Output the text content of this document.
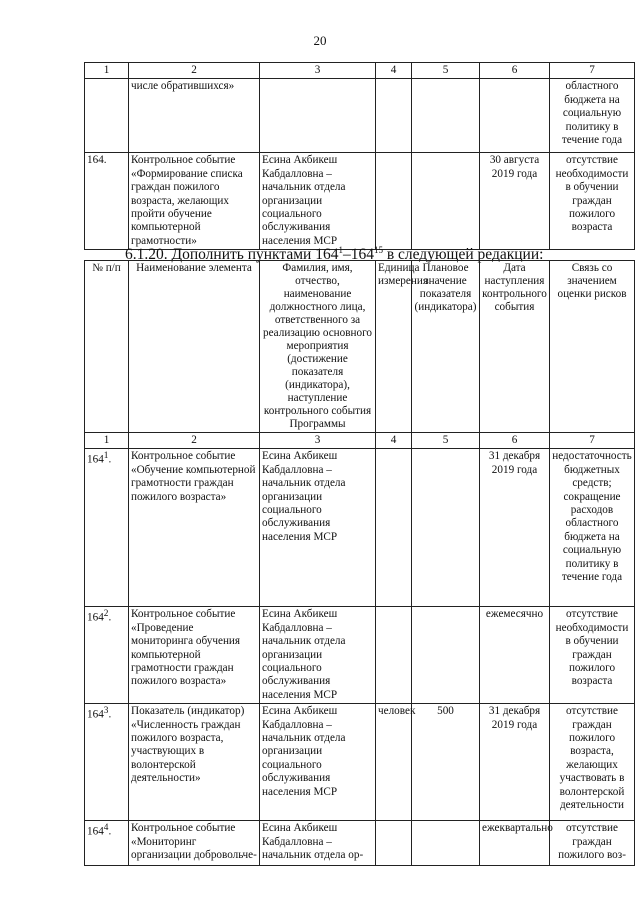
20
1	2	3	4	5	6	7
	числе обратившихся»					областного бюджета на социальную политику в течение года
164.	Контрольное событие «Формирование списка граждан пожилого возраста, желающих пройти обучение компьютерной грамотности»	Есина Акбикеш Кабдалловна – начальник отдела организации социального обслуживания населения МСР			30 августа 2019 года	отсутствие необходимости в обучении граждан пожилого возраста
6.1.20. Дополнить пунктами $164^1-164^{15}$ в следующей редакции:
№ п/п	Наименование элемента	Фамилия, имя, отчество, наименование должностного лица, ответственного за реализацию основного мероприятия (достижение показателя (индикатора), наступление контрольного события Программы	Единица измерения	Плановое значение показателя (индикатора)	Дата наступления контрольного события	Связь со значением оценки рисков
1	2	3	4	5	6	7
$164^1$.	Контрольное событие «Обучение компьютерной грамотности граждан пожилого возраста»	Есина Акбикеш Кабдалловна – начальник отдела организации социального обслуживания населения МСР			31 декабря 2019 года	недостаточность бюджетных средств; сокращение расходов областного бюджета на социальную политику в течение года
$164^2$.	Контрольное событие «Проведение мониторинга обучения компьютерной грамотности граждан пожилого возраста»	Есина Акбикеш Кабдалловна – начальник отдела организации социального обслуживания населения МСР			ежемесячно	отсутствие необходимости в обучении граждан пожилого возраста
$164^3$.	Показатель (индикатор) «Численность граждан пожилого возраста, участвующих в волонтерской деятельности»	Есина Акбикеш Кабдалловна – начальник отдела организации социального обслуживания населения МСР	человек	500	31 декабря 2019 года	отсутствие граждан пожилого возраста, желающих участвовать в волонтерской деятельности
$164^4$.	Контрольное событие «Мониторинг организации добровольче-	Есина Акбикеш Кабдалловна – начальник отдела ор-			ежеквартально	отсутствие граждан пожилого воз-
